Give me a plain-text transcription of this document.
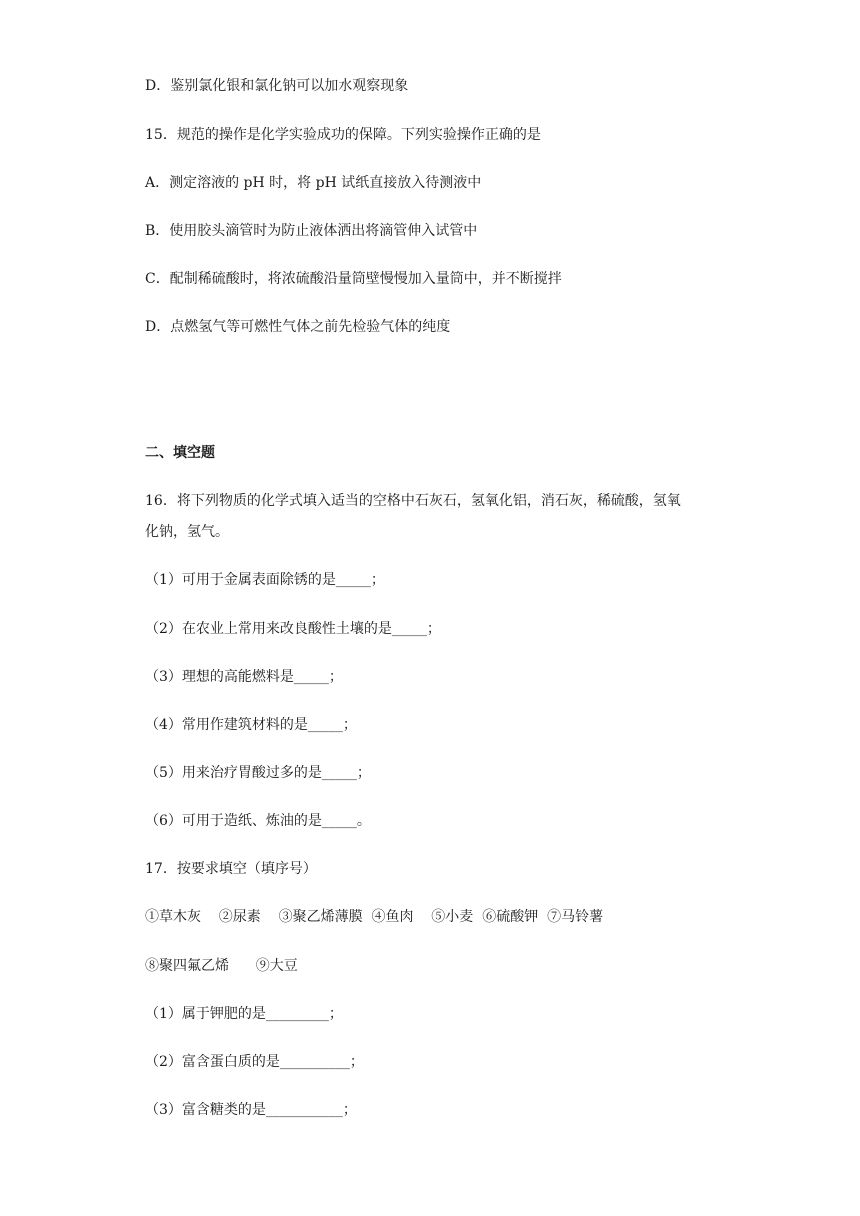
D．鉴别氯化银和氯化钠可以加水观察现象
15．规范的操作是化学实验成功的保障。下列实验操作正确的是
A．测定溶液的 pH 时，将 pH 试纸直接放入待测液中
B．使用胶头滴管时为防止液体洒出将滴管伸入试管中
C．配制稀硫酸时，将浓硫酸沿量筒壁慢慢加入量筒中，并不断搅拌
D．点燃氢气等可燃性气体之前先检验气体的纯度
二、填空题
16．将下列物质的化学式填入适当的空格中石灰石，氢氧化铝，消石灰，稀硫酸，氢氧
化钠，氢气。
（1）可用于金属表面除锈的是_____；
（2）在农业上常用来改良酸性土壤的是_____；
（3）理想的高能燃料是_____；
（4）常用作建筑材料的是_____；
（5）用来治疗胃酸过多的是_____；
（6）可用于造纸、炼油的是_____。
17．按要求填空（填序号）
①草木灰    ②尿素    ③聚乙烯薄膜  ④鱼肉    ⑤小麦  ⑥硫酸钾  ⑦马铃薯
⑧聚四氟乙烯      ⑨大豆
（1）属于钾肥的是_________；
（2）富含蛋白质的是__________；
（3）富含糖类的是___________；
